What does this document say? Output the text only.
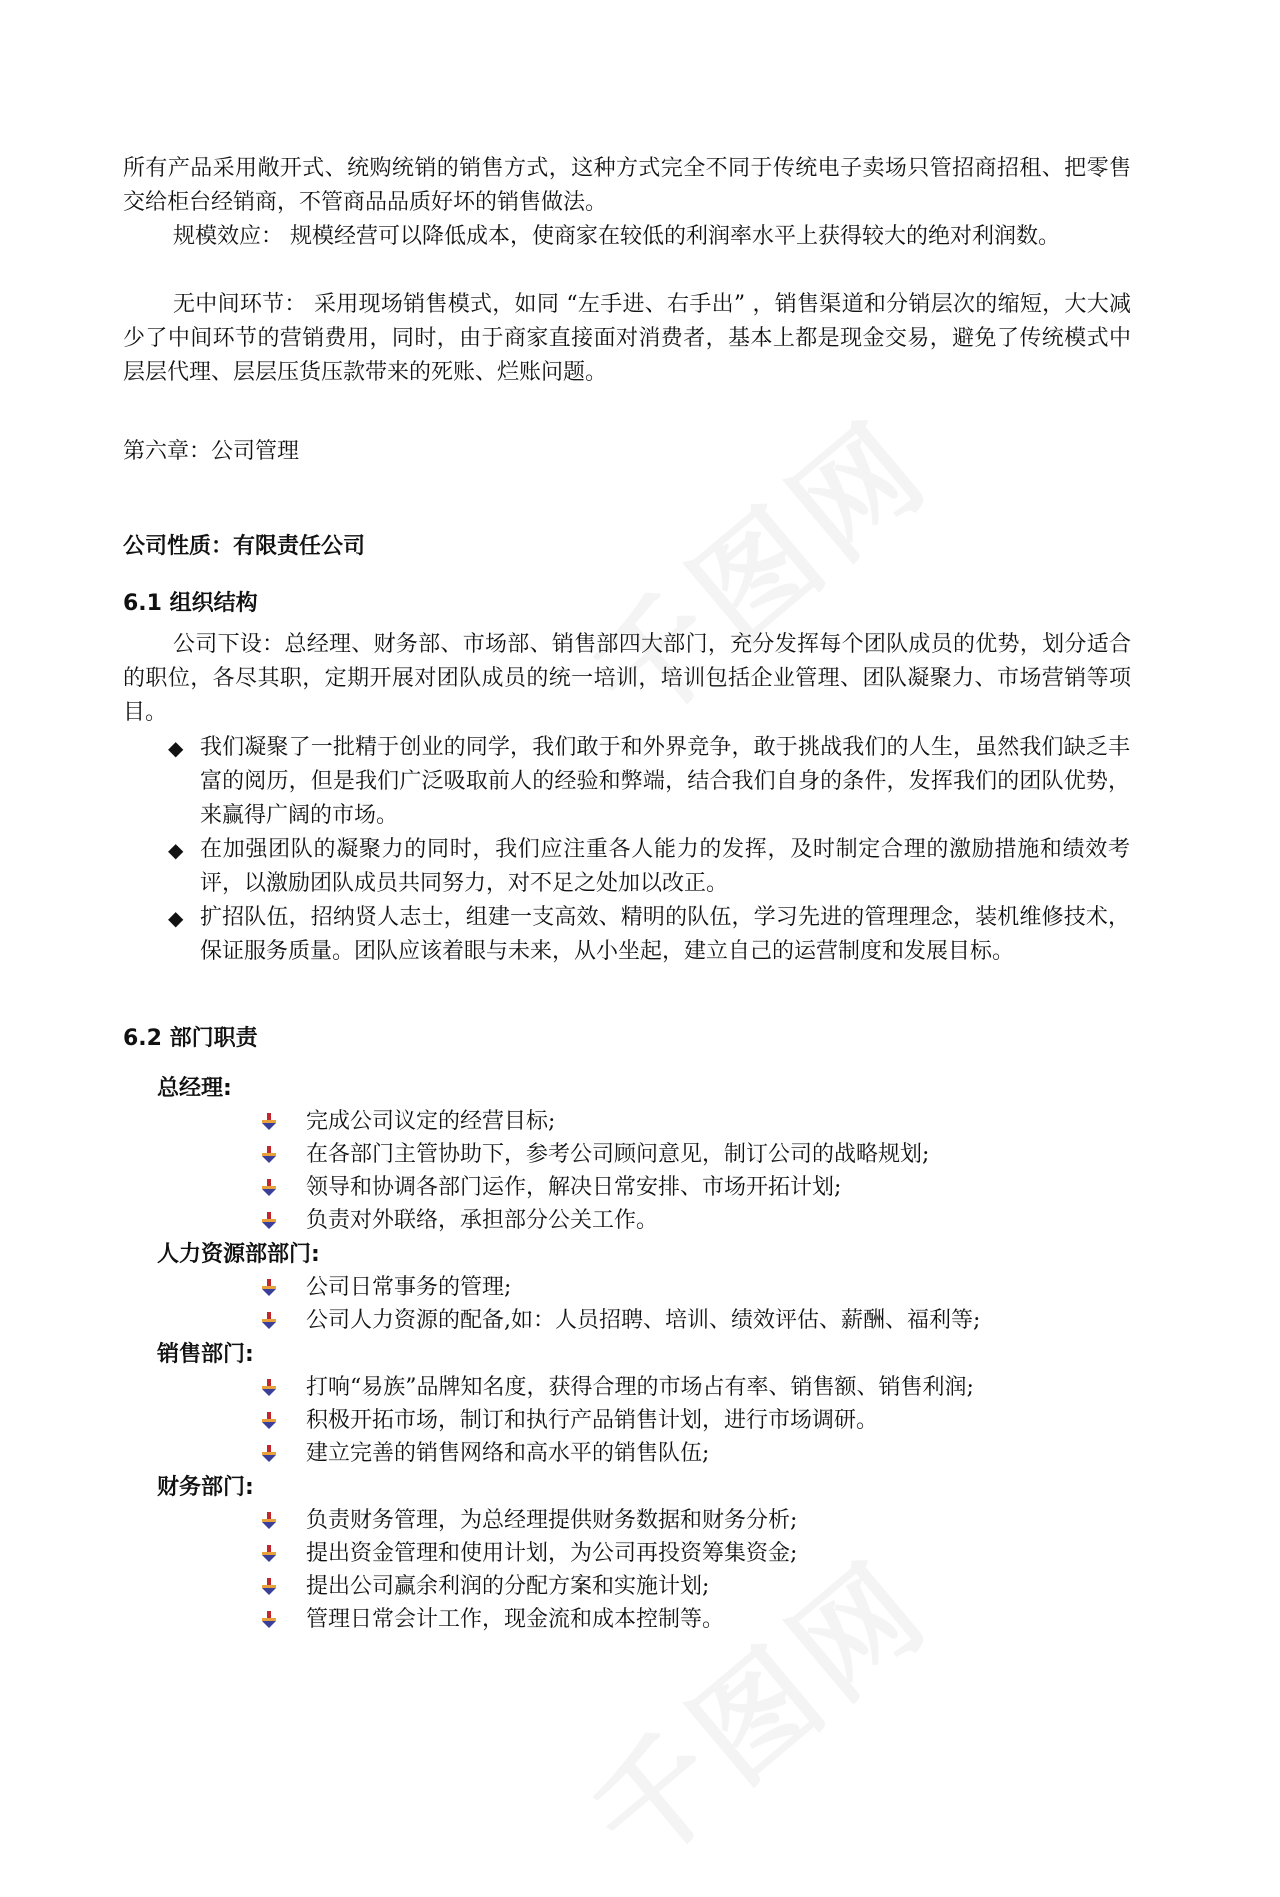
所有产品采用敞开式、统购统销的销售方式，这种方式完全不同于传统电子卖场只管招商招租、把零售交给柜台经销商，不管商品品质好坏的销售做法。

规模效应： 规模经营可以降低成本，使商家在较低的利润率水平上获得较大的绝对利润数。

无中间环节： 采用现场销售模式，如同 “左手进、右手出” ，销售渠道和分销层次的缩短，大大减少了中间环节的营销费用，同时，由于商家直接面对消费者，基本上都是现金交易，避免了传统模式中层层代理、层层压货压款带来的死账、烂账问题。

第六章：公司管理
公司性质：有限责任公司
6.1 组织结构

公司下设：总经理、财务部、市场部、销售部四大部门，充分发挥每个团队成员的优势，划分适合的职位，各尽其职，定期开展对团队成员的统一培训，培训包括企业管理、团队凝聚力、市场营销等项目。

◆ 我们凝聚了一批精于创业的同学，我们敢于和外界竞争，敢于挑战我们的人生，虽然我们缺乏丰富的阅历，但是我们广泛吸取前人的经验和弊端，结合我们自身的条件，发挥我们的团队优势，来赢得广阔的市场。
◆ 在加强团队的凝聚力的同时，我们应注重各人能力的发挥，及时制定合理的激励措施和绩效考评，以激励团队成员共同努力，对不足之处加以改正。
◆ 扩招队伍，招纳贤人志士，组建一支高效、精明的队伍，学习先进的管理理念，装机维修技术，保证服务质量。团队应该着眼与未来，从小坐起，建立自己的运营制度和发展目标。
6.2 部门职责
总经理:
完成公司议定的经营目标;
在各部门主管协助下，参考公司顾问意见，制订公司的战略规划;
领导和协调各部门运作，解决日常安排、市场开拓计划;
负责对外联络，承担部分公关工作。
人力资源部部门:
公司日常事务的管理;
公司人力资源的配备,如：人员招聘、培训、绩效评估、薪酬、福利等;
销售部门:
打响“易族”品牌知名度，获得合理的市场占有率、销售额、销售利润;
积极开拓市场，制订和执行产品销售计划，进行市场调研。
建立完善的销售网络和高水平的销售队伍;
财务部门:
负责财务管理，为总经理提供财务数据和财务分析;
提出资金管理和使用计划，为公司再投资筹集资金;
提出公司赢余利润的分配方案和实施计划;
管理日常会计工作，现金流和成本控制等。
